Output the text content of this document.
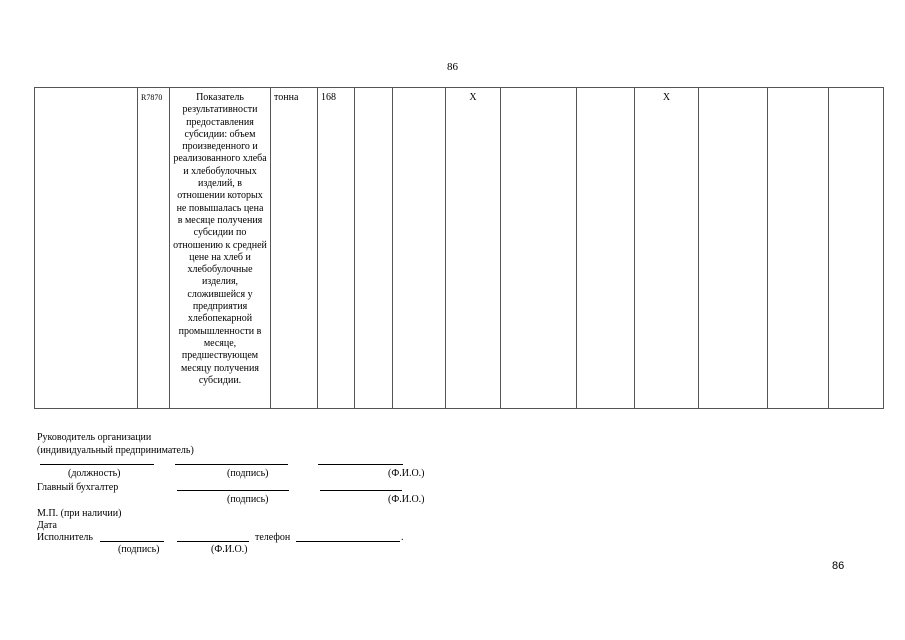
86
	R7870	Показатель результативности предоставления субсидии: объем произведенного и реализованного хлеба и хлебобулочных изделий, в отношении которых не повышалась цена в месяце получения субсидии по отношению к средней цене на хлеб и хлебобулочные изделия, сложившейся у предприятия хлебопекарной промышленности в месяце, предшествующем месяцу получения субсидии.	тонна	168			X			X			
Руководитель организации
(индивидуальный предприниматель)
(должность)	(подпись)	(Ф.И.О.)
Главный бухгалтер
(подпись)	(Ф.И.О.)
М.П. (при наличии)
Дата
Исполнитель	телефон	.
(подпись)	(Ф.И.О.)
86
